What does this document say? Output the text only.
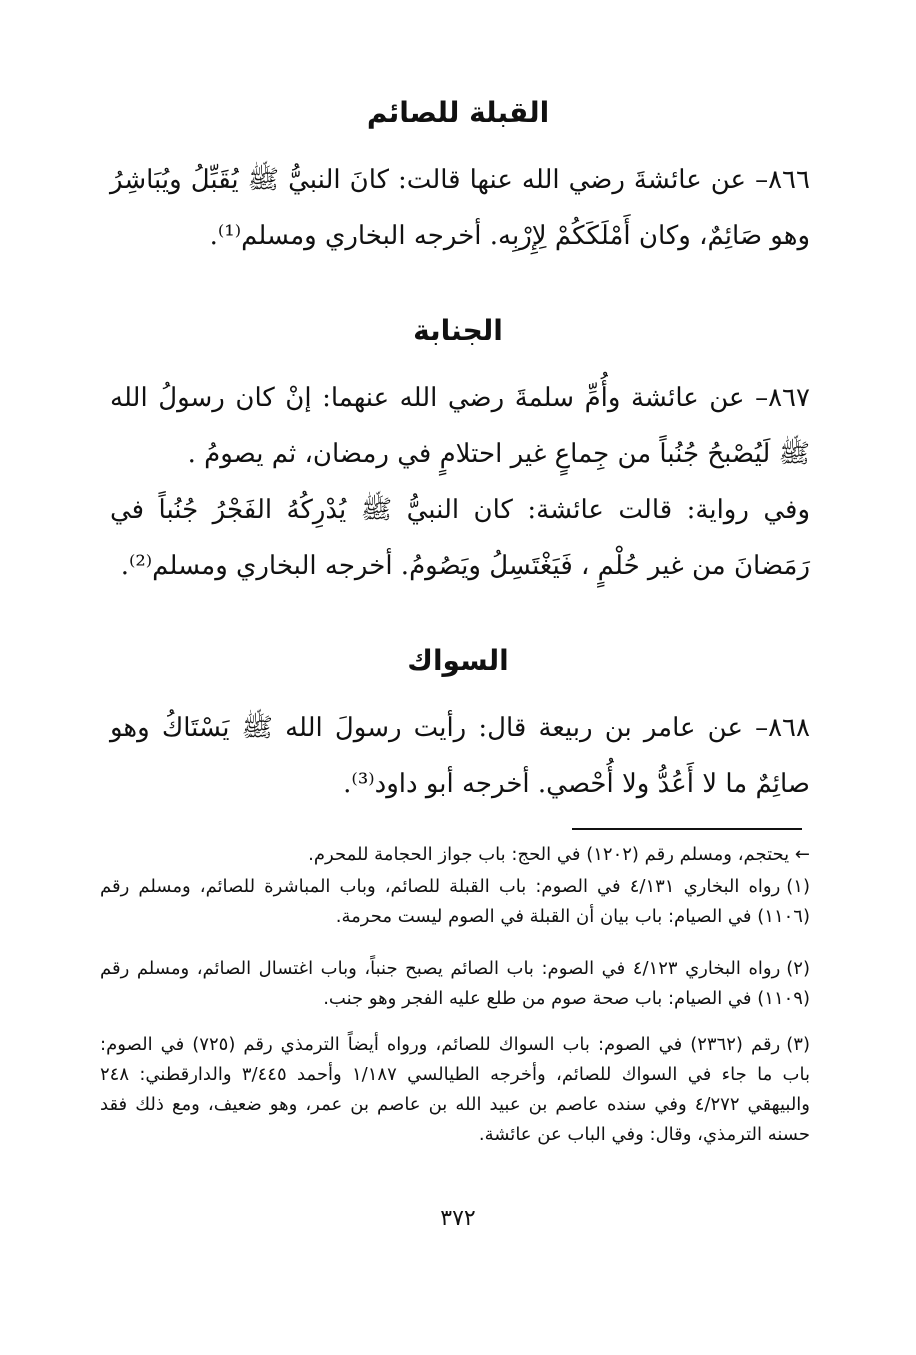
القبلة للصائم
٨٦٦– عن عائشةَ رضي الله عنها قالت: كانَ النبيُّ ﷺ يُقَبِّلُ ويُبَاشِرُ وهو صَائِمٌ، وكان أَمْلَكَكُمْ لِإِرْبِه. أخرجه البخاري ومسلم⁽¹⁾.
الجنابة
٨٦٧– عن عائشة وأُمِّ سلمةَ رضي الله عنهما: إنْ كان رسولُ الله ﷺ لَيُصْبحُ جُنُباً من جِماعٍ غير احتلامٍ في رمضان، ثم يصومُ .
وفي رواية: قالت عائشة: كان النبيُّ ﷺ يُدْرِكُهُ الفَجْرُ جُنُباً في رَمَضانَ من غير حُلْمٍ ، فَيَغْتَسِلُ ويَصُومُ. أخرجه البخاري ومسلم⁽²⁾.
السواك
٨٦٨– عن عامر بن ربيعة قال: رأيت رسولَ الله ﷺ يَسْتَاكُ وهو صائِمٌ ما لا أَعُدُّ ولا أُحْصي. أخرجه أبو داود⁽³⁾.
← يحتجم، ومسلم رقم (١٢٠٢) في الحج: باب جواز الحجامة للمحرم.
(١)رواه البخاري ٤/١٣١ في الصوم: باب القبلة للصائم، وباب المباشرة للصائم، ومسلم رقم (١١٠٦) في الصيام: باب بيان أن القبلة في الصوم ليست محرمة.
(٢)رواه البخاري ٤/١٢٣ في الصوم: باب الصائم يصبح جنباً، وباب اغتسال الصائم، ومسلم رقم (١١٠٩) في الصيام: باب صحة صوم من طلع عليه الفجر وهو جنب.
(٣)رقم (٢٣٦٢) في الصوم: باب السواك للصائم، ورواه أيضاً الترمذي رقم (٧٢٥) في الصوم: باب ما جاء في السواك للصائم، وأخرجه الطيالسي ١/١٨٧ وأحمد ٣/٤٤٥ والدارقطني: ٢٤٨ والبيهقي ٤/٢٧٢ وفي سنده عاصم بن عبيد الله بن عاصم بن عمر، وهو ضعيف، ومع ذلك فقد حسنه الترمذي، وقال: وفي الباب عن عائشة.
٣٧٢
